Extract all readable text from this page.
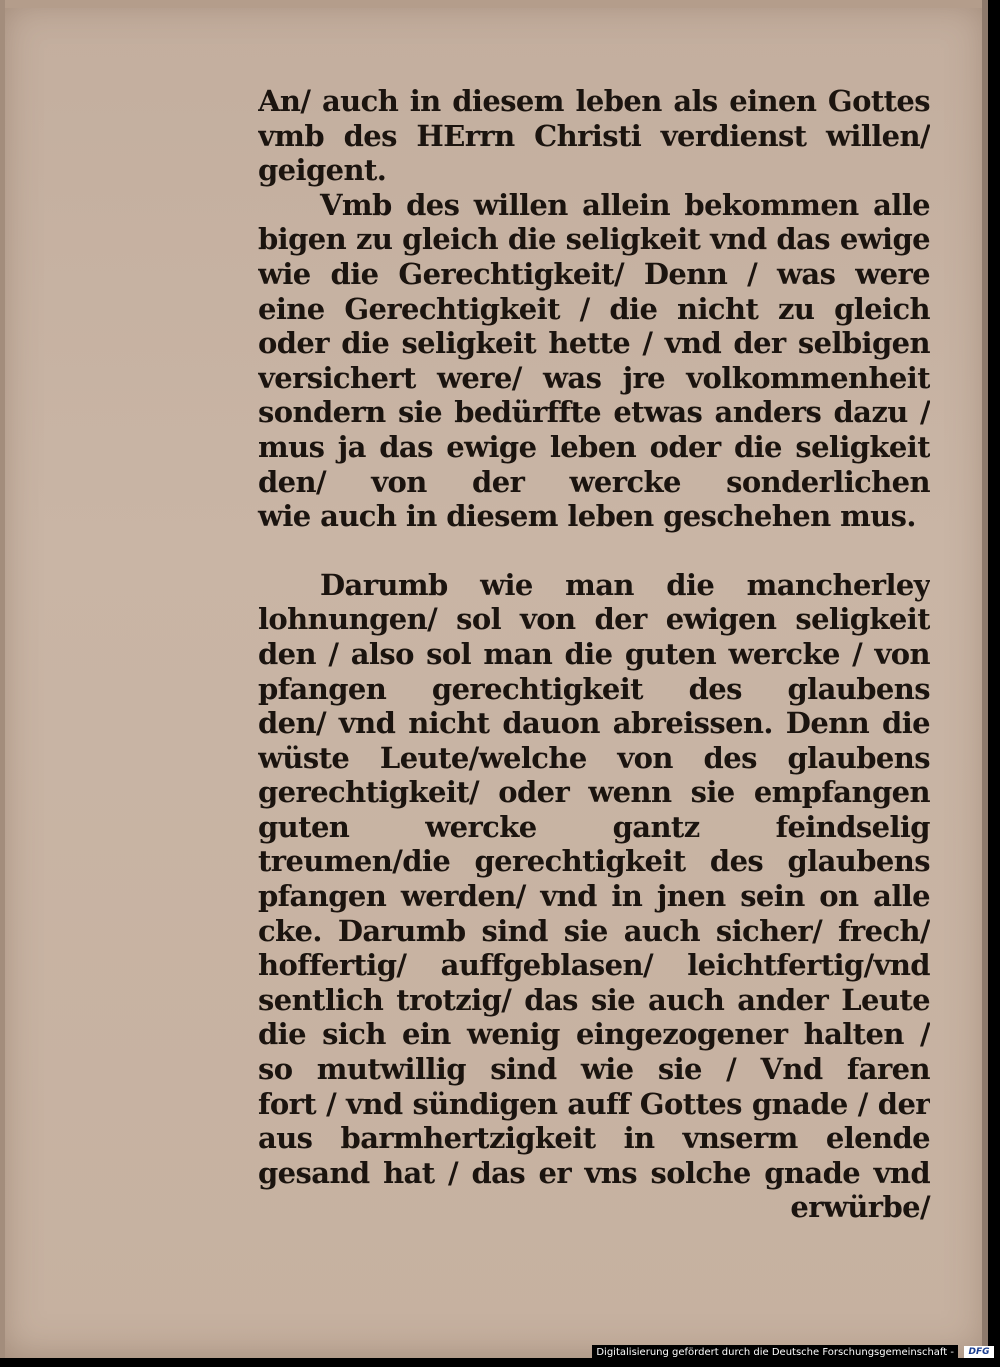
An/ auch in diesem leben als einen Gottes
vmb des HErrn Christi verdienst willen/
geigent.
Vmb des willen allein bekommen alle
bigen zu gleich die seligkeit vnd das ewige
wie die Gerechtigkeit/ Denn / was were
eine Gerechtigkeit / die nicht zu gleich
oder die seligkeit hette / vnd der selbigen
versichert were/ was jre volkommenheit
sondern sie bedürffte etwas anders dazu /
mus ja das ewige leben oder die seligkeit
den/ von der wercke sonderlichen
wie auch in diesem leben geschehen mus.
Darumb wie man die mancherley
lohnungen/ sol von der ewigen seligkeit
den / also sol man die guten wercke / von
pfangen gerechtigkeit des glaubens
den/ vnd nicht dauon abreissen. Denn die
wüste Leute/welche von des glaubens
gerechtigkeit/ oder wenn sie empfangen
guten wercke gantz feindselig
treumen/die gerechtigkeit des glaubens
pfangen werden/ vnd in jnen sein on alle
cke. Darumb sind sie auch sicher/ frech/
hoffertig/ auffgeblasen/ leichtfertig/vnd
sentlich trotzig/ das sie auch ander Leute
die sich ein wenig eingezogener halten /
so mutwillig sind wie sie / Vnd faren
fort / vnd sündigen auff Gottes gnade / der
aus barmhertzigkeit in vnserm elende
gesand hat / das er vns solche gnade vnd
erwürbe/
Digitalisierung gefördert durch die Deutsche Forschungsgemeinschaft -	DFG
